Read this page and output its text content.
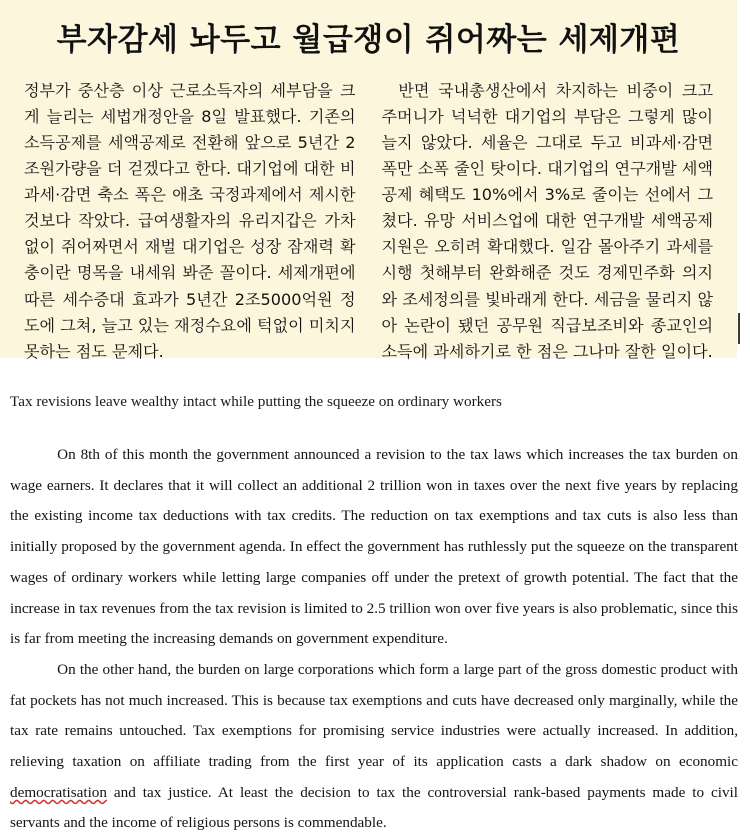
부자감세 놔두고 월급쟁이 쥐어짜는 세제개편
정부가 중산층 이상 근로소득자의 세부담을 크게 늘리는 세법개정안을 8일 발표했다. 기존의 소득공제를 세액공제로 전환해 앞으로 5년간 2조원가량을 더 걷겠다고 한다. 대기업에 대한 비과세·감면 축소 폭은 애초 국정과제에서 제시한 것보다 작았다. 급여생활자의 유리지갑은 가차없이 쥐어짜면서 재벌 대기업은 성장 잠재력 확충이란 명목을 내세워 봐준 꼴이다. 세제개편에 따른 세수증대 효과가 5년간 2조5000억원 정도에 그쳐, 늘고 있는 재정수요에 턱없이 미치지 못하는 점도 문제다.
반면 국내총생산에서 차지하는 비중이 크고 주머니가 넉넉한 대기업의 부담은 그렇게 많이 늘지 않았다. 세율은 그대로 두고 비과세·감면 폭만 소폭 줄인 탓이다. 대기업의 연구개발 세액공제 혜택도 10%에서 3%로 줄이는 선에서 그쳤다. 유망 서비스업에 대한 연구개발 세액공제 지원은 오히려 확대했다. 일감 몰아주기 과세를 시행 첫해부터 완화해준 것도 경제민주화 의지와 조세정의를 빛바래게 한다. 세금을 물리지 않아 논란이 됐던 공무원 직급보조비와 종교인의 소득에 과세하기로 한 점은 그나마 잘한 일이다.
Tax revisions leave wealthy intact while putting the squeeze on ordinary workers

On 8th of this month the government announced a revision to the tax laws which increases the tax burden on wage earners. It declares that it will collect an additional 2 trillion won in taxes over the next five years by replacing the existing income tax deductions with tax credits. The reduction on tax exemptions and tax cuts is also less than initially proposed by the government agenda. In effect the government has ruthlessly put the squeeze on the transparent wages of ordinary workers while letting large companies off under the pretext of growth potential. The fact that the increase in tax revenues from the tax revision is limited to 2.5 trillion won over five years is also problematic, since this is far from meeting the increasing demands on government expenditure.

On the other hand, the burden on large corporations which form a large part of the gross domestic product with fat pockets has not much increased. This is because tax exemptions and cuts have decreased only marginally, while the tax rate remains untouched. Tax exemptions for promising service industries were actually increased. In addition, relieving taxation on affiliate trading from the first year of its application casts a dark shadow on economic democratisation and tax justice. At least the decision to tax the controversial rank-based payments made to civil servants and the income of religious persons is commendable.
